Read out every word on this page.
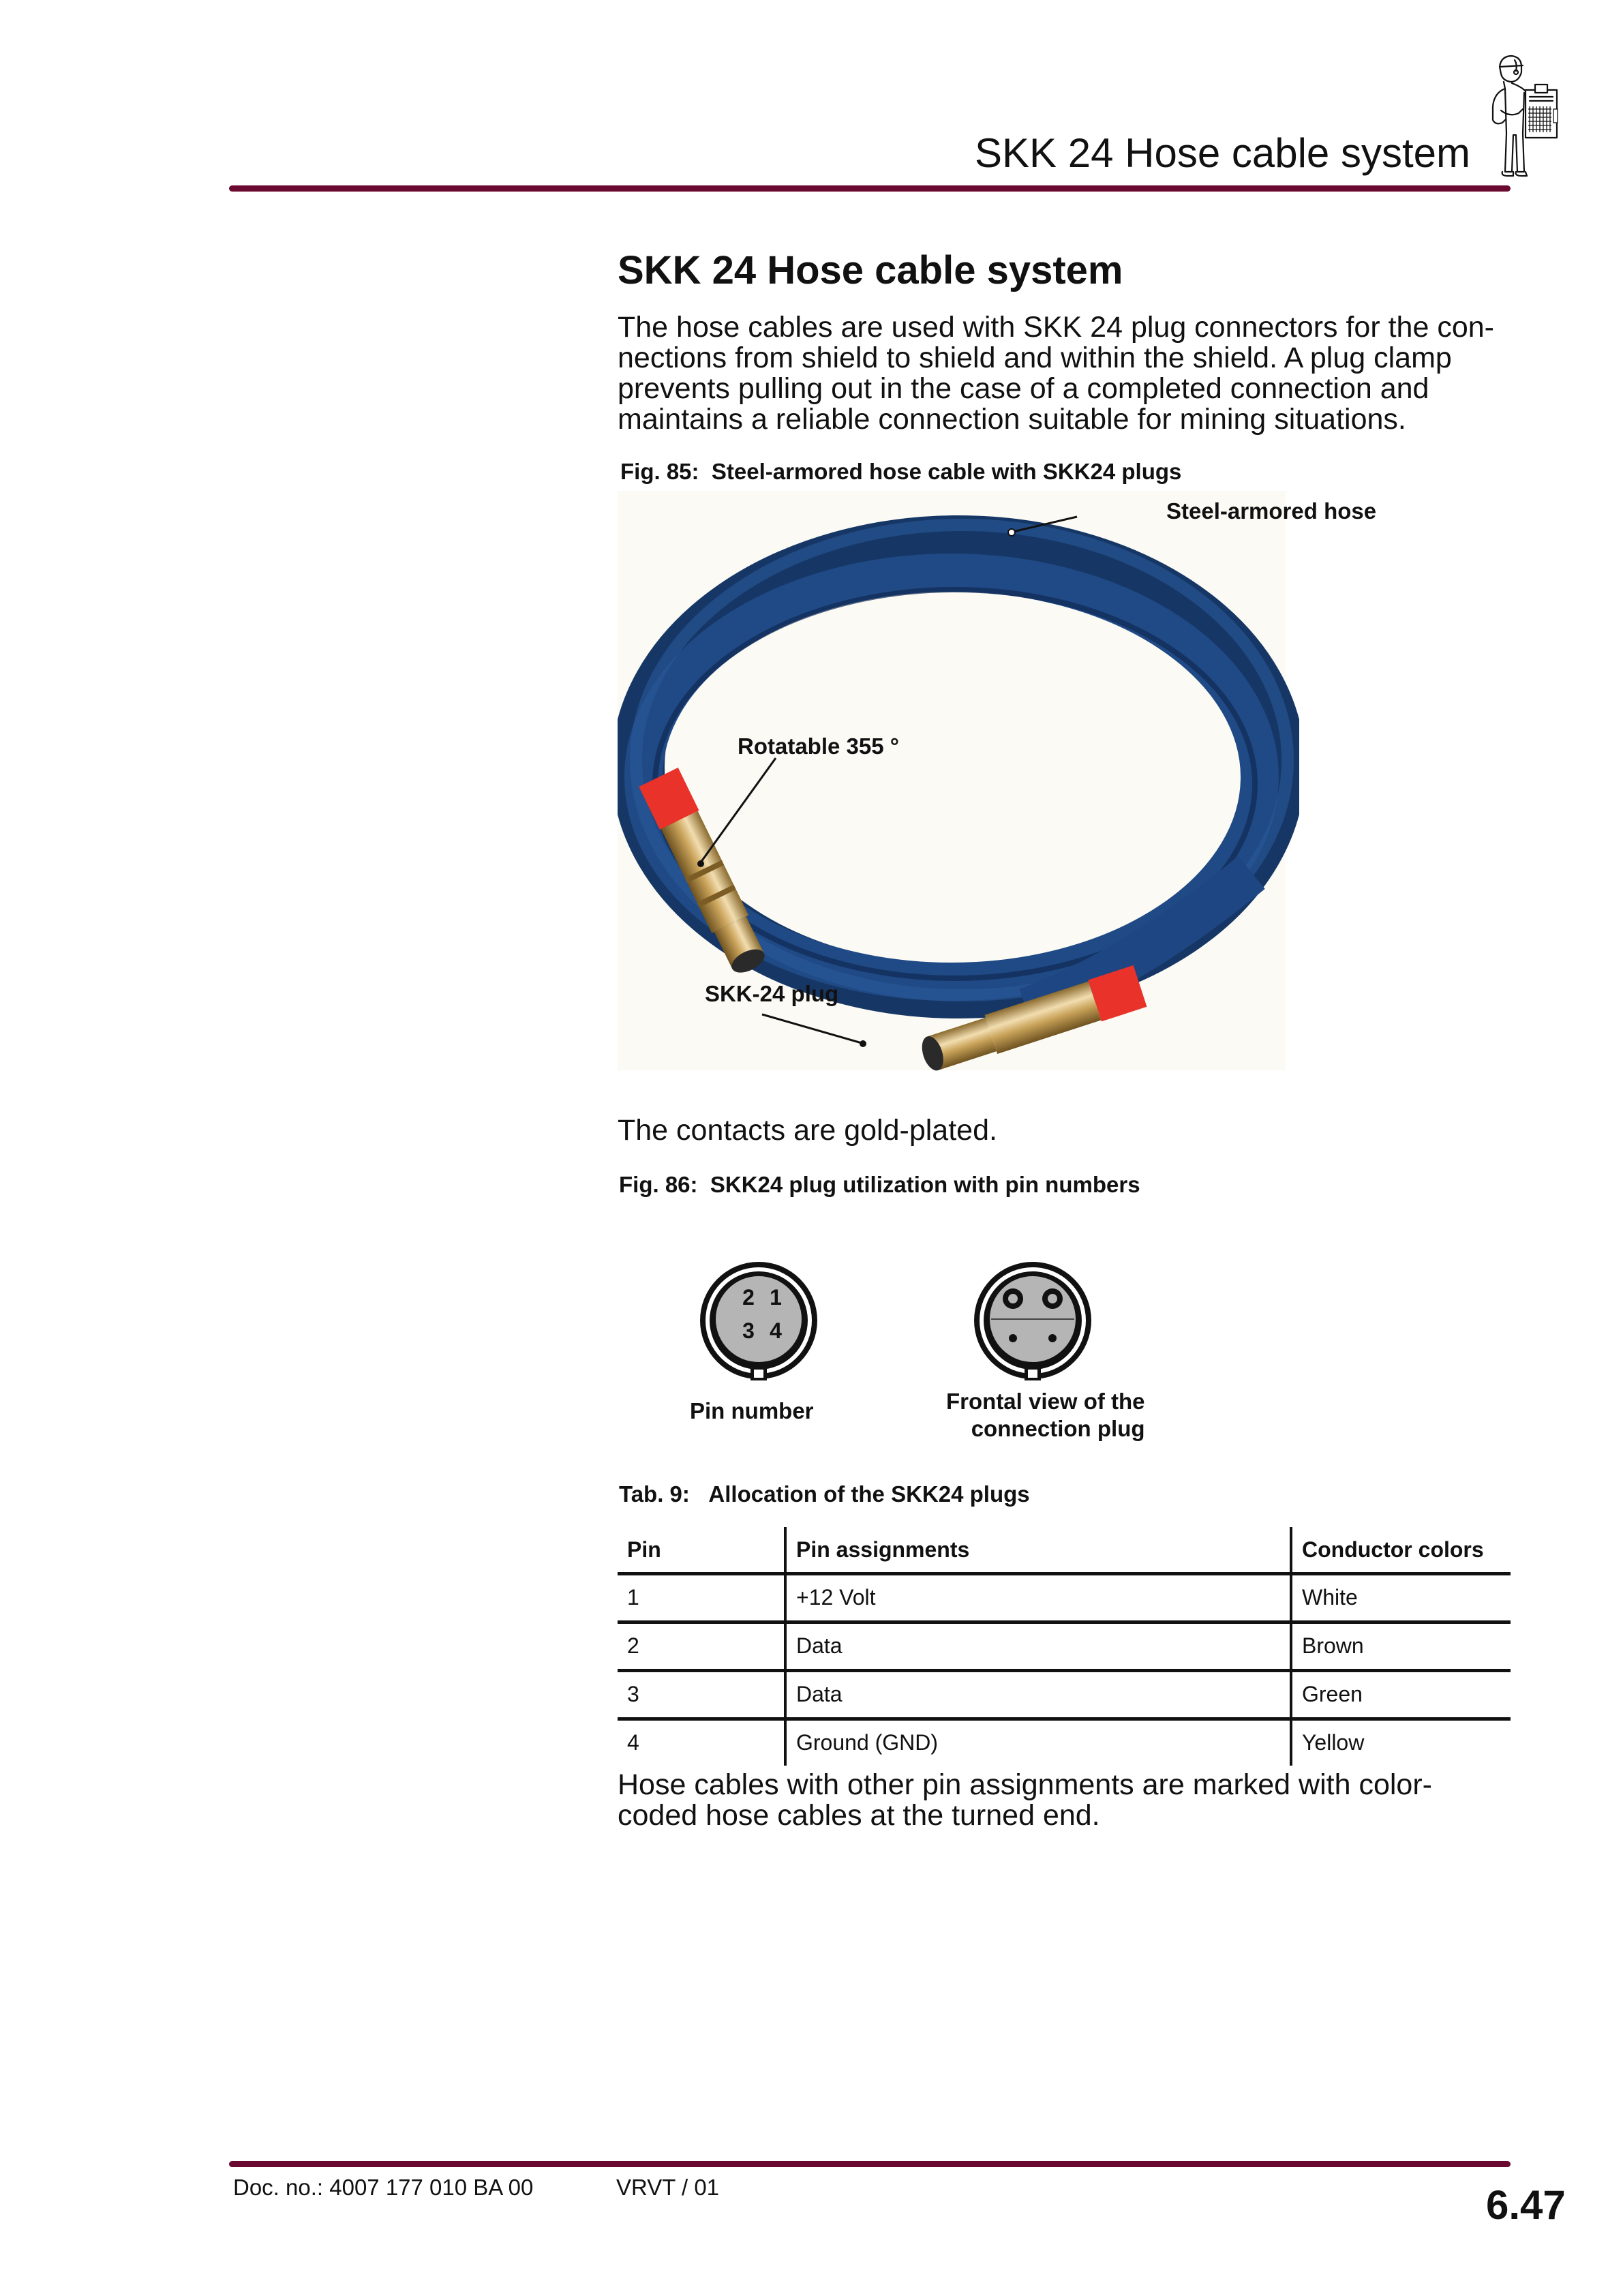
SKK 24 Hose cable system
SKK 24 Hose cable system
The hose cables are used with SKK 24 plug connectors for the con-
nections from shield to shield and within the shield. A plug clamp
prevents pulling out in the case of a completed connection and
maintains a reliable connection suitable for mining situations.
Fig. 85: Steel-armored hose cable with SKK24 plugs
Steel-armored hose
Rotatable 355 °
SKK-24 plug
The contacts are gold-plated.
Fig. 86: SKK24 plug utilization with pin numbers
2 1
3 4
Pin number	Frontal view of the
connection plug
Tab. 9: Allocation of the SKK24 plugs
Pin	Pin assignments	Conductor colors
1	+12 Volt	White
2	Data	Brown
3	Data	Green
4	Ground (GND)	Yellow
Hose cables with other pin assignments are marked with color-
coded hose cables at the turned end.
Doc. no.: 4007 177 010 BA 00	VRVT / 01	6.47
